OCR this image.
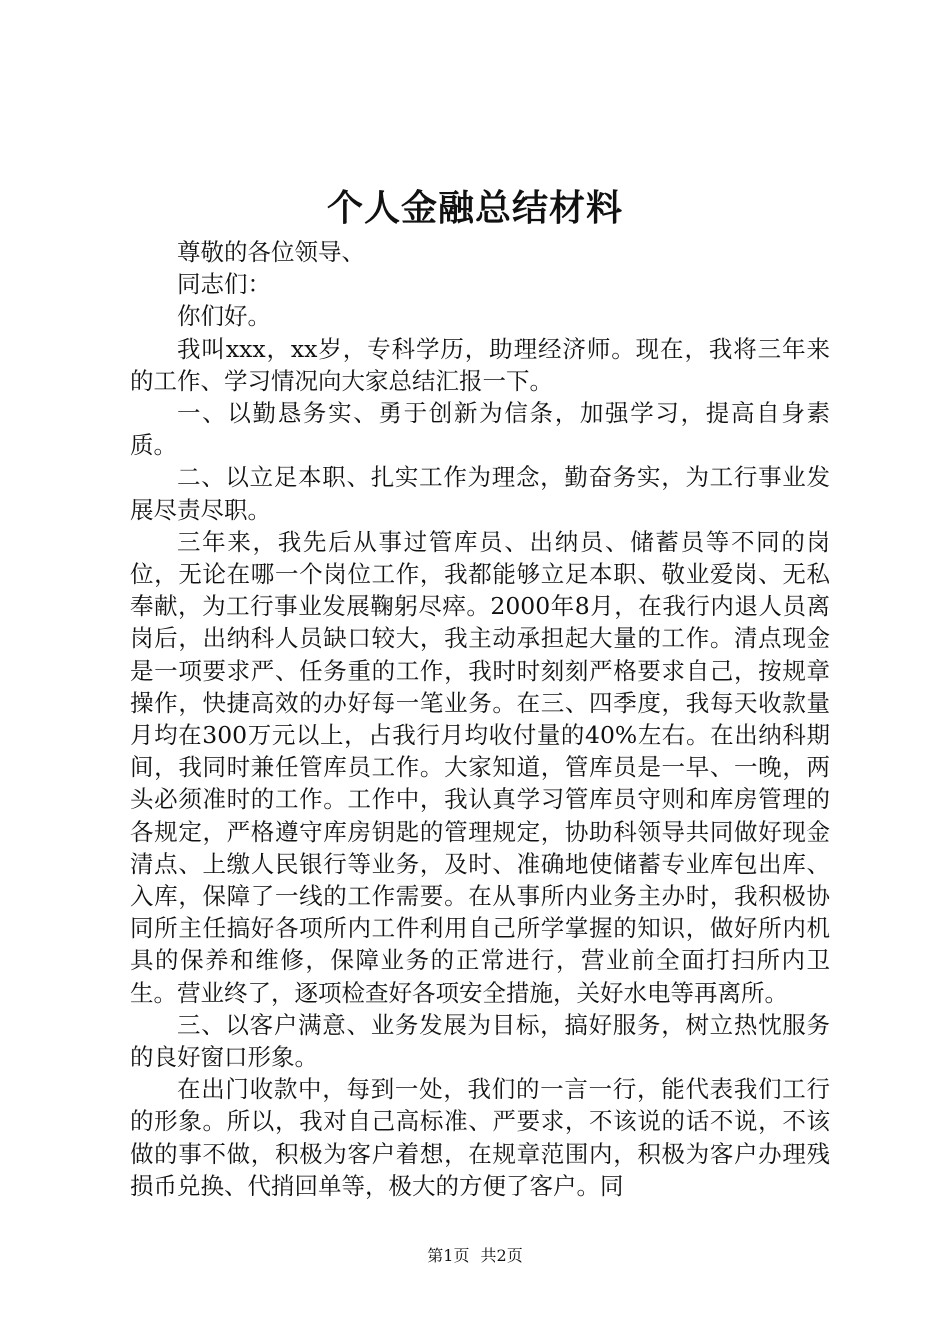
个人金融总结材料

尊敬的各位领导、

同志们：

你们好。

我叫xxx，xx岁，专科学历，助理经济师。现在，我将三年来的工作、学习情况向大家总结汇报一下。

一、以勤恳务实、勇于创新为信条，加强学习，提高自身素质。

二、以立足本职、扎实工作为理念，勤奋务实，为工行事业发展尽责尽职。

三年来，我先后从事过管库员、出纳员、储蓄员等不同的岗位，无论在哪一个岗位工作，我都能够立足本职、敬业爱岗、无私奉献，为工行事业发展鞠躬尽瘁。2000年8月，在我行内退人员离岗后，出纳科人员缺口较大，我主动承担起大量的工作。清点现金是一项要求严、任务重的工作，我时时刻刻严格要求自己，按规章操作，快捷高效的办好每一笔业务。在三、四季度，我每天收款量月均在300万元以上，占我行月均收付量的40%左右。在出纳科期间，我同时兼任管库员工作。大家知道，管库员是一早、一晚，两头必须准时的工作。工作中，我认真学习管库员守则和库房管理的各规定，严格遵守库房钥匙的管理规定，协助科领导共同做好现金清点、上缴人民银行等业务，及时、准确地使储蓄专业库包出库、入库，保障了一线的工作需要。在从事所内业务主办时，我积极协同所主任搞好各项所内工件利用自己所学掌握的知识，做好所内机具的保养和维修，保障业务的正常进行，营业前全面打扫所内卫生。营业终了，逐项检查好各项安全措施，关好水电等再离所。

三、以客户满意、业务发展为目标，搞好服务，树立热忱服务的良好窗口形象。

在出门收款中，每到一处，我们的一言一行，能代表我们工行的形象。所以，我对自己高标准、严要求，不该说的话不说，不该做的事不做，积极为客户着想，在规章范围内，积极为客户办理残损币兑换、代捎回单等，极大的方便了客户。同

第1页 共2页
